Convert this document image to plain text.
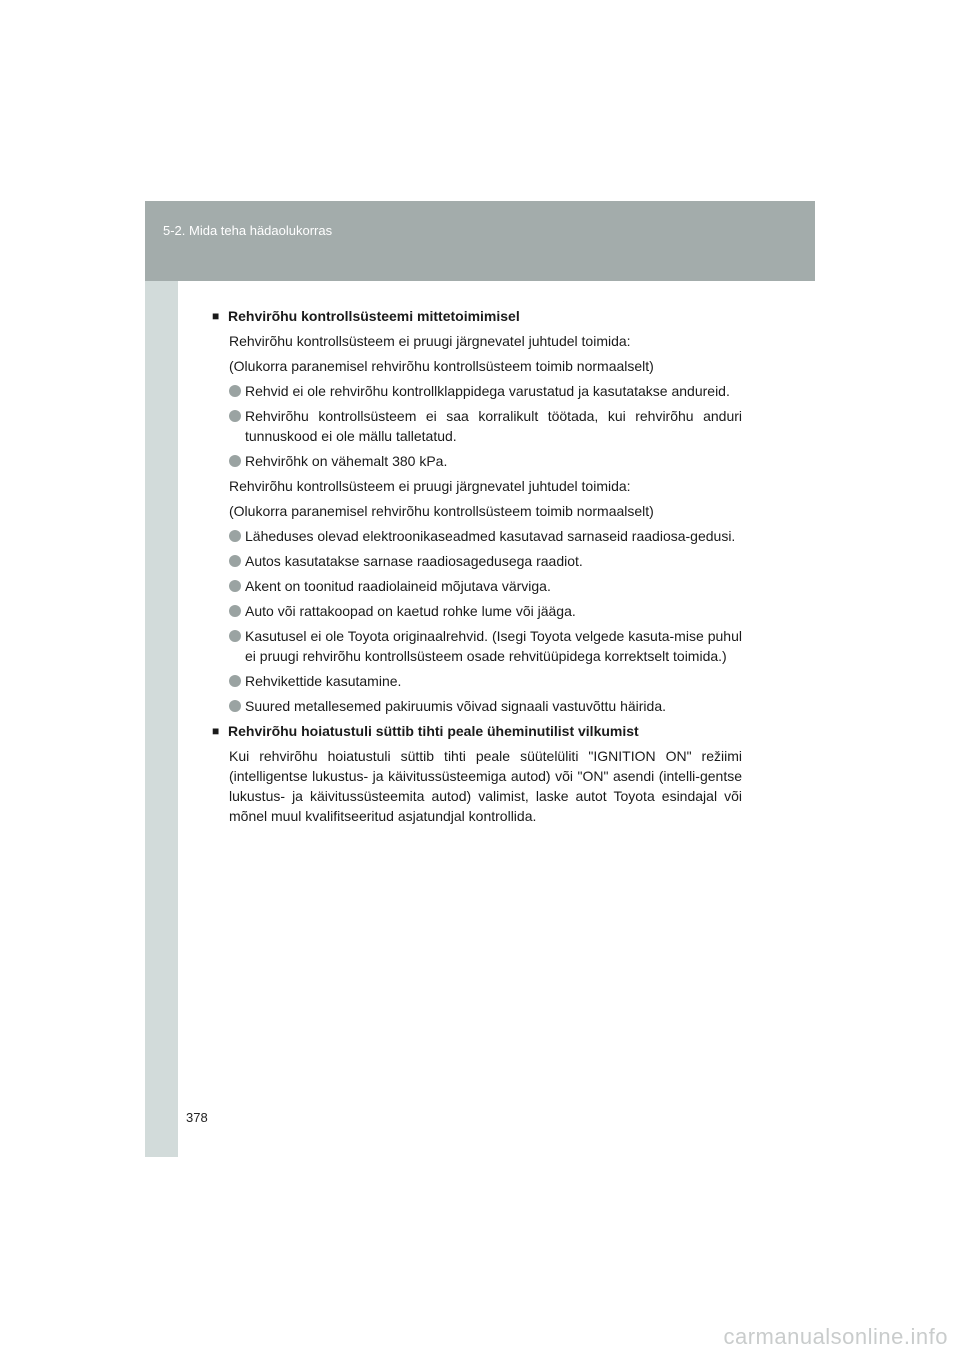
5-2. Mida teha hädaolukorras
378
■ Rehvirõhu kontrollsüsteemi mittetoimimisel
Rehvirõhu kontrollsüsteem ei pruugi järgnevatel juhtudel toimida:
(Olukorra paranemisel rehvirõhu kontrollsüsteem toimib normaalselt)
Rehvid ei ole rehvirõhu kontrollklappidega varustatud ja kasutatakse andureid.
Rehvirõhu kontrollsüsteem ei saa korralikult töötada, kui rehvirõhu anduri tunnuskood ei ole mällu talletatud.
Rehvirõhk on vähemalt 380 kPa.
Rehvirõhu kontrollsüsteem ei pruugi järgnevatel juhtudel toimida:
(Olukorra paranemisel rehvirõhu kontrollsüsteem toimib normaalselt)
Läheduses olevad elektroonikaseadmed kasutavad sarnaseid raadiosa-gedusi.
Autos kasutatakse sarnase raadiosagedusega raadiot.
Akent on toonitud raadiolaineid mõjutava värviga.
Auto või rattakoopad on kaetud rohke lume või jääga.
Kasutusel ei ole Toyota originaalrehvid. (Isegi Toyota velgede kasuta-mise puhul ei pruugi rehvirõhu kontrollsüsteem osade rehvitüüpidega korrektselt toimida.)
Rehvikettide kasutamine.
Suured metallesemed pakiruumis võivad signaali vastuvõttu häirida.
■ Rehvirõhu hoiatustuli süttib tihti peale üheminutilist vilkumist
Kui rehvirõhu hoiatustuli süttib tihti peale süütelüliti "IGNITION ON" režiimi (intelligentse lukustus- ja käivitussüsteemiga autod) või "ON" asendi (intelli-gentse lukustus- ja käivitussüsteemita autod) valimist, laske autot Toyota esindajal või mõnel muul kvalifitseeritud asjatundjal kontrollida.
carmanualsonline.info
